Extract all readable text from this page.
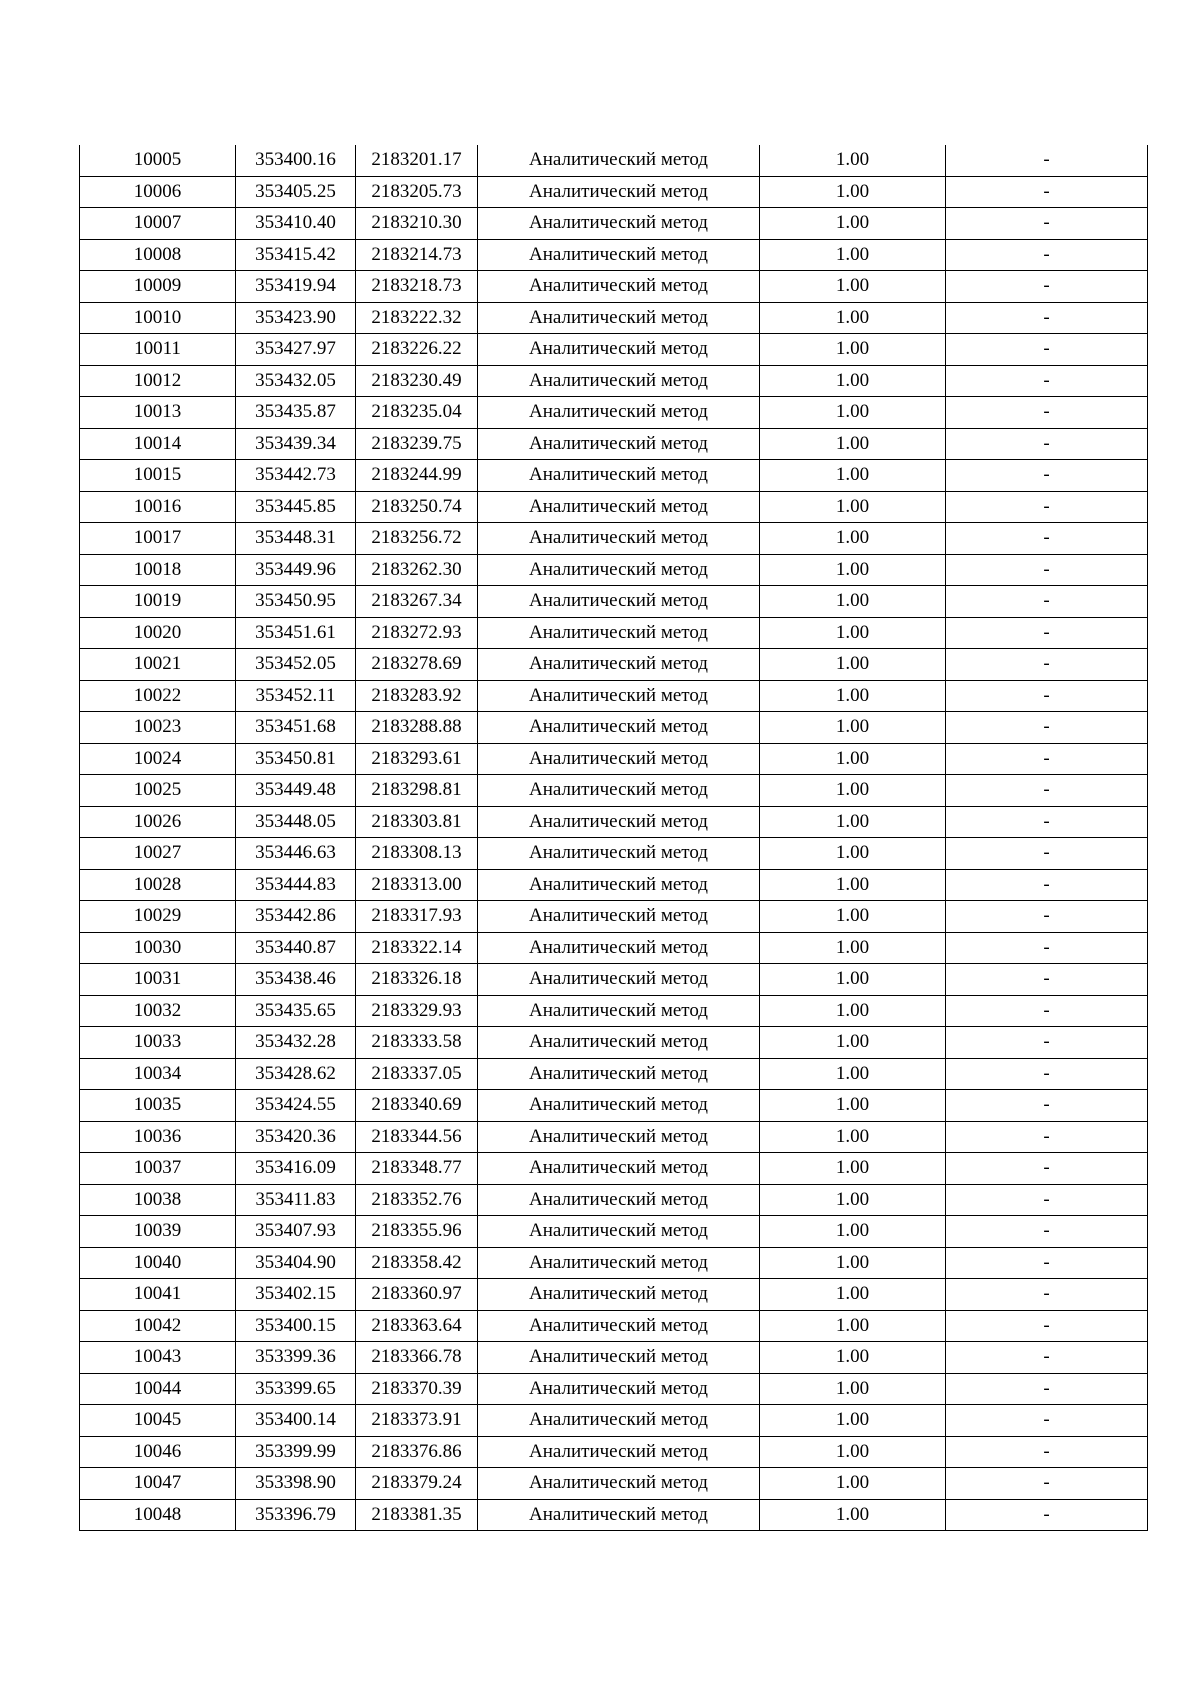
10005	353400.16	2183201.17	Аналитический метод	1.00	-
10006	353405.25	2183205.73	Аналитический метод	1.00	-
10007	353410.40	2183210.30	Аналитический метод	1.00	-
10008	353415.42	2183214.73	Аналитический метод	1.00	-
10009	353419.94	2183218.73	Аналитический метод	1.00	-
10010	353423.90	2183222.32	Аналитический метод	1.00	-
10011	353427.97	2183226.22	Аналитический метод	1.00	-
10012	353432.05	2183230.49	Аналитический метод	1.00	-
10013	353435.87	2183235.04	Аналитический метод	1.00	-
10014	353439.34	2183239.75	Аналитический метод	1.00	-
10015	353442.73	2183244.99	Аналитический метод	1.00	-
10016	353445.85	2183250.74	Аналитический метод	1.00	-
10017	353448.31	2183256.72	Аналитический метод	1.00	-
10018	353449.96	2183262.30	Аналитический метод	1.00	-
10019	353450.95	2183267.34	Аналитический метод	1.00	-
10020	353451.61	2183272.93	Аналитический метод	1.00	-
10021	353452.05	2183278.69	Аналитический метод	1.00	-
10022	353452.11	2183283.92	Аналитический метод	1.00	-
10023	353451.68	2183288.88	Аналитический метод	1.00	-
10024	353450.81	2183293.61	Аналитический метод	1.00	-
10025	353449.48	2183298.81	Аналитический метод	1.00	-
10026	353448.05	2183303.81	Аналитический метод	1.00	-
10027	353446.63	2183308.13	Аналитический метод	1.00	-
10028	353444.83	2183313.00	Аналитический метод	1.00	-
10029	353442.86	2183317.93	Аналитический метод	1.00	-
10030	353440.87	2183322.14	Аналитический метод	1.00	-
10031	353438.46	2183326.18	Аналитический метод	1.00	-
10032	353435.65	2183329.93	Аналитический метод	1.00	-
10033	353432.28	2183333.58	Аналитический метод	1.00	-
10034	353428.62	2183337.05	Аналитический метод	1.00	-
10035	353424.55	2183340.69	Аналитический метод	1.00	-
10036	353420.36	2183344.56	Аналитический метод	1.00	-
10037	353416.09	2183348.77	Аналитический метод	1.00	-
10038	353411.83	2183352.76	Аналитический метод	1.00	-
10039	353407.93	2183355.96	Аналитический метод	1.00	-
10040	353404.90	2183358.42	Аналитический метод	1.00	-
10041	353402.15	2183360.97	Аналитический метод	1.00	-
10042	353400.15	2183363.64	Аналитический метод	1.00	-
10043	353399.36	2183366.78	Аналитический метод	1.00	-
10044	353399.65	2183370.39	Аналитический метод	1.00	-
10045	353400.14	2183373.91	Аналитический метод	1.00	-
10046	353399.99	2183376.86	Аналитический метод	1.00	-
10047	353398.90	2183379.24	Аналитический метод	1.00	-
10048	353396.79	2183381.35	Аналитический метод	1.00	-
